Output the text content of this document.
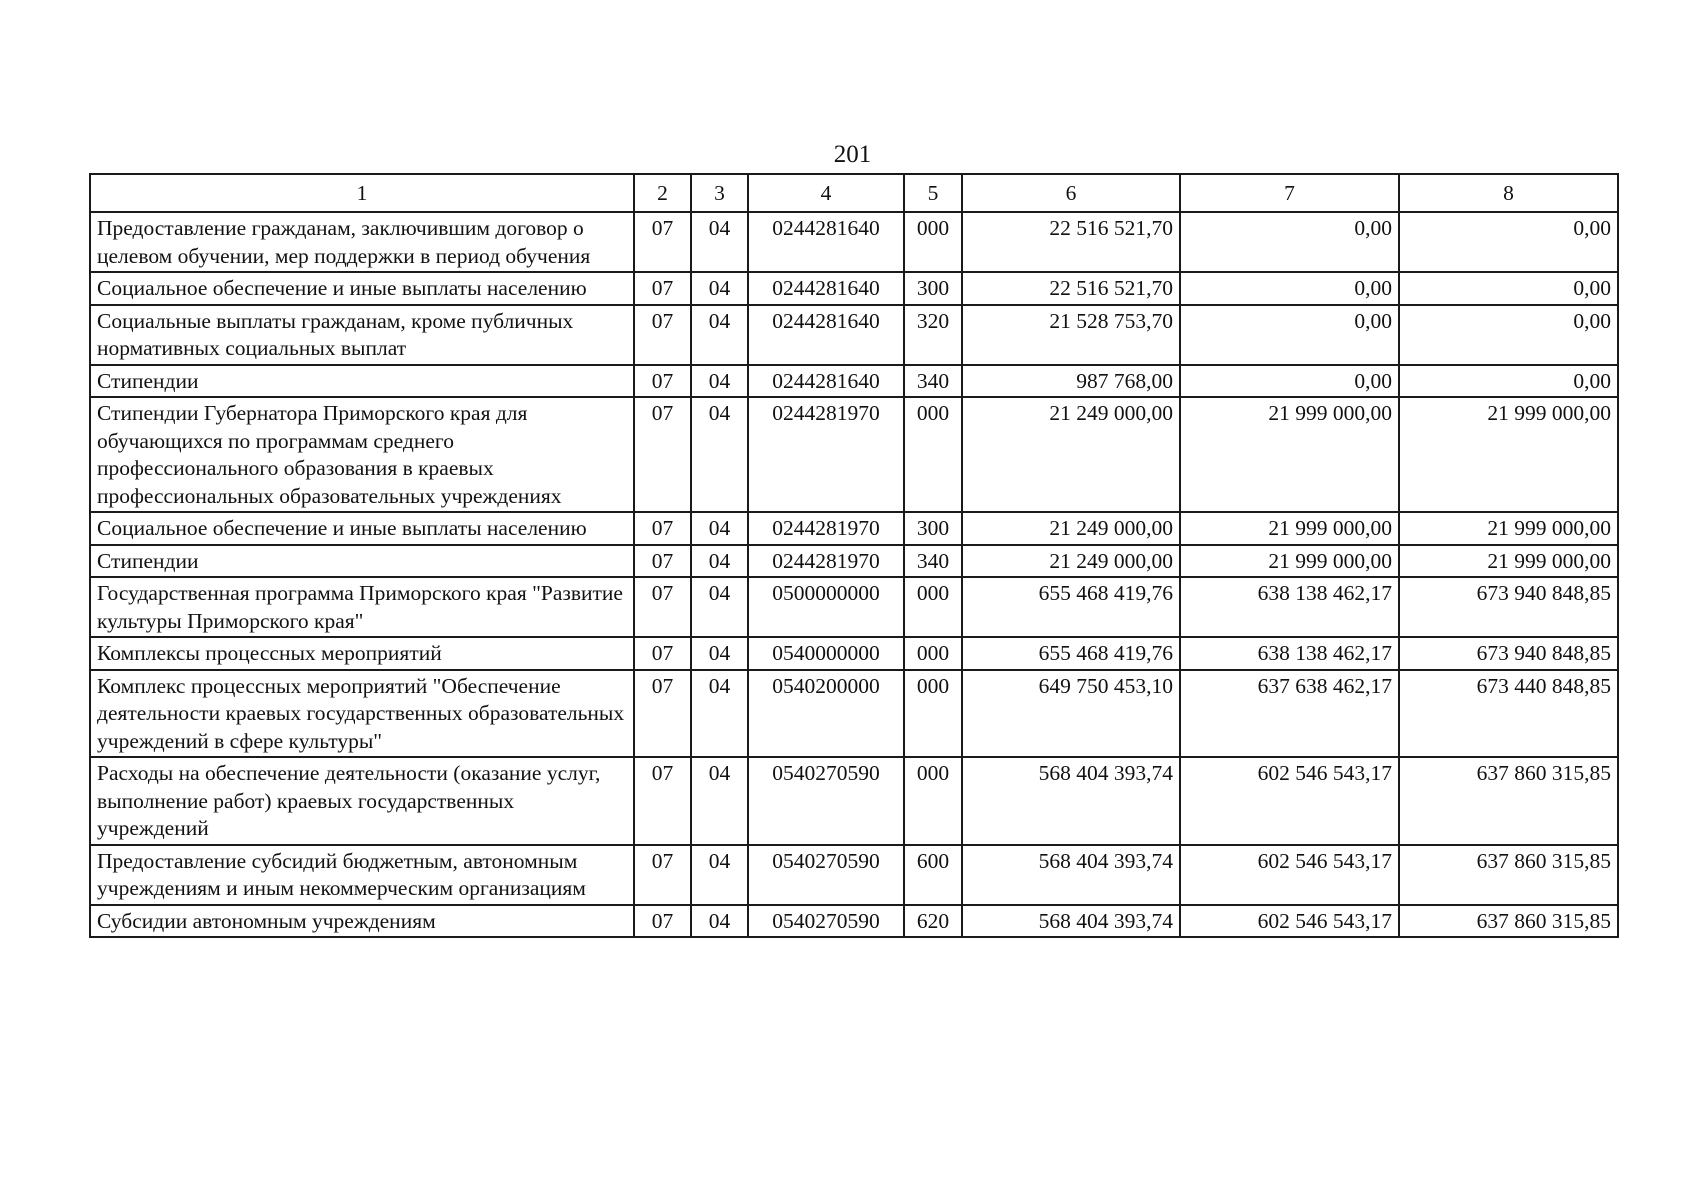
201
1	2	3	4	5	6	7	8
Предоставление гражданам, заключившим договор о целевом обучении, мер поддержки в период обучения	07	04	0244281640	000	22 516 521,70	0,00	0,00
Социальное обеспечение и иные выплаты населению	07	04	0244281640	300	22 516 521,70	0,00	0,00
Социальные выплаты гражданам, кроме публичных нормативных социальных выплат	07	04	0244281640	320	21 528 753,70	0,00	0,00
Стипендии	07	04	0244281640	340	987 768,00	0,00	0,00
Стипендии Губернатора Приморского края для обучающихся по программам среднего профессионального образования в краевых профессиональных образовательных учреждениях	07	04	0244281970	000	21 249 000,00	21 999 000,00	21 999 000,00
Социальное обеспечение и иные выплаты населению	07	04	0244281970	300	21 249 000,00	21 999 000,00	21 999 000,00
Стипендии	07	04	0244281970	340	21 249 000,00	21 999 000,00	21 999 000,00
Государственная программа Приморского края "Развитие культуры Приморского края"	07	04	0500000000	000	655 468 419,76	638 138 462,17	673 940 848,85
Комплексы процессных мероприятий	07	04	0540000000	000	655 468 419,76	638 138 462,17	673 940 848,85
Комплекс процессных мероприятий "Обеспечение деятельности краевых государственных образовательных учреждений в сфере культуры"	07	04	0540200000	000	649 750 453,10	637 638 462,17	673 440 848,85
Расходы на обеспечение деятельности (оказание услуг, выполнение работ) краевых государственных учреждений	07	04	0540270590	000	568 404 393,74	602 546 543,17	637 860 315,85
Предоставление субсидий бюджетным, автономным учреждениям и иным некоммерческим организациям	07	04	0540270590	600	568 404 393,74	602 546 543,17	637 860 315,85
Субсидии автономным учреждениям	07	04	0540270590	620	568 404 393,74	602 546 543,17	637 860 315,85
